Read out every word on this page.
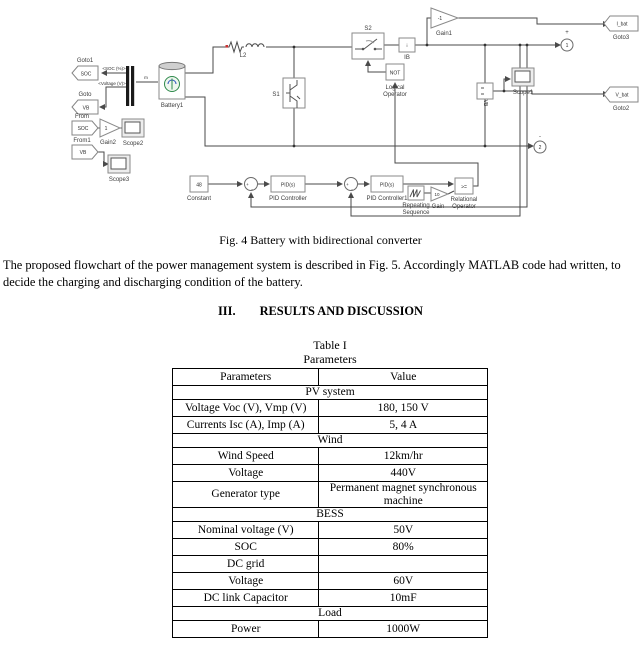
SOC
VB
I_bat
V_bat
SOC
VB
Goto1
Goto
Goto3
Goto2
From
From1
<SOC (%)>
<Voltage (V)>
m
Battery1
L2
S1
S2
i
IB
-1
Gain1
1
+
NOT
Logical
Operator
VB
Scope1
2
-
1
Gain2 Scope2
Scope3
48
Constant
+
-
PID(s)
PID Controller
+
-
PID(s)
PID Controller1
Repeating
Sequence
10
Gain
>=
Relational
Operator
Fig. 4 Battery with bidirectional converter
The proposed flowchart of the power management system is described in Fig. 5. Accordingly MATLAB code had written, to decide the charging and discharging condition of the battery.
III. RESULTS AND DISCUSSION
Table I
Parameters
Parameters	Value
PV system	
Voltage Voc (V), Vmp (V)	180, 150 V
Currents Isc (A), Imp (A)	5, 4 A
Wind	
Wind Speed	12km/hr
Voltage	440V
Generator type	Permanent magnet synchronous machine
BESS	
Nominal voltage (V)	50V
SOC	80%
DC grid	
Voltage	60V
DC link Capacitor	10mF
Load	
Power	1000W
